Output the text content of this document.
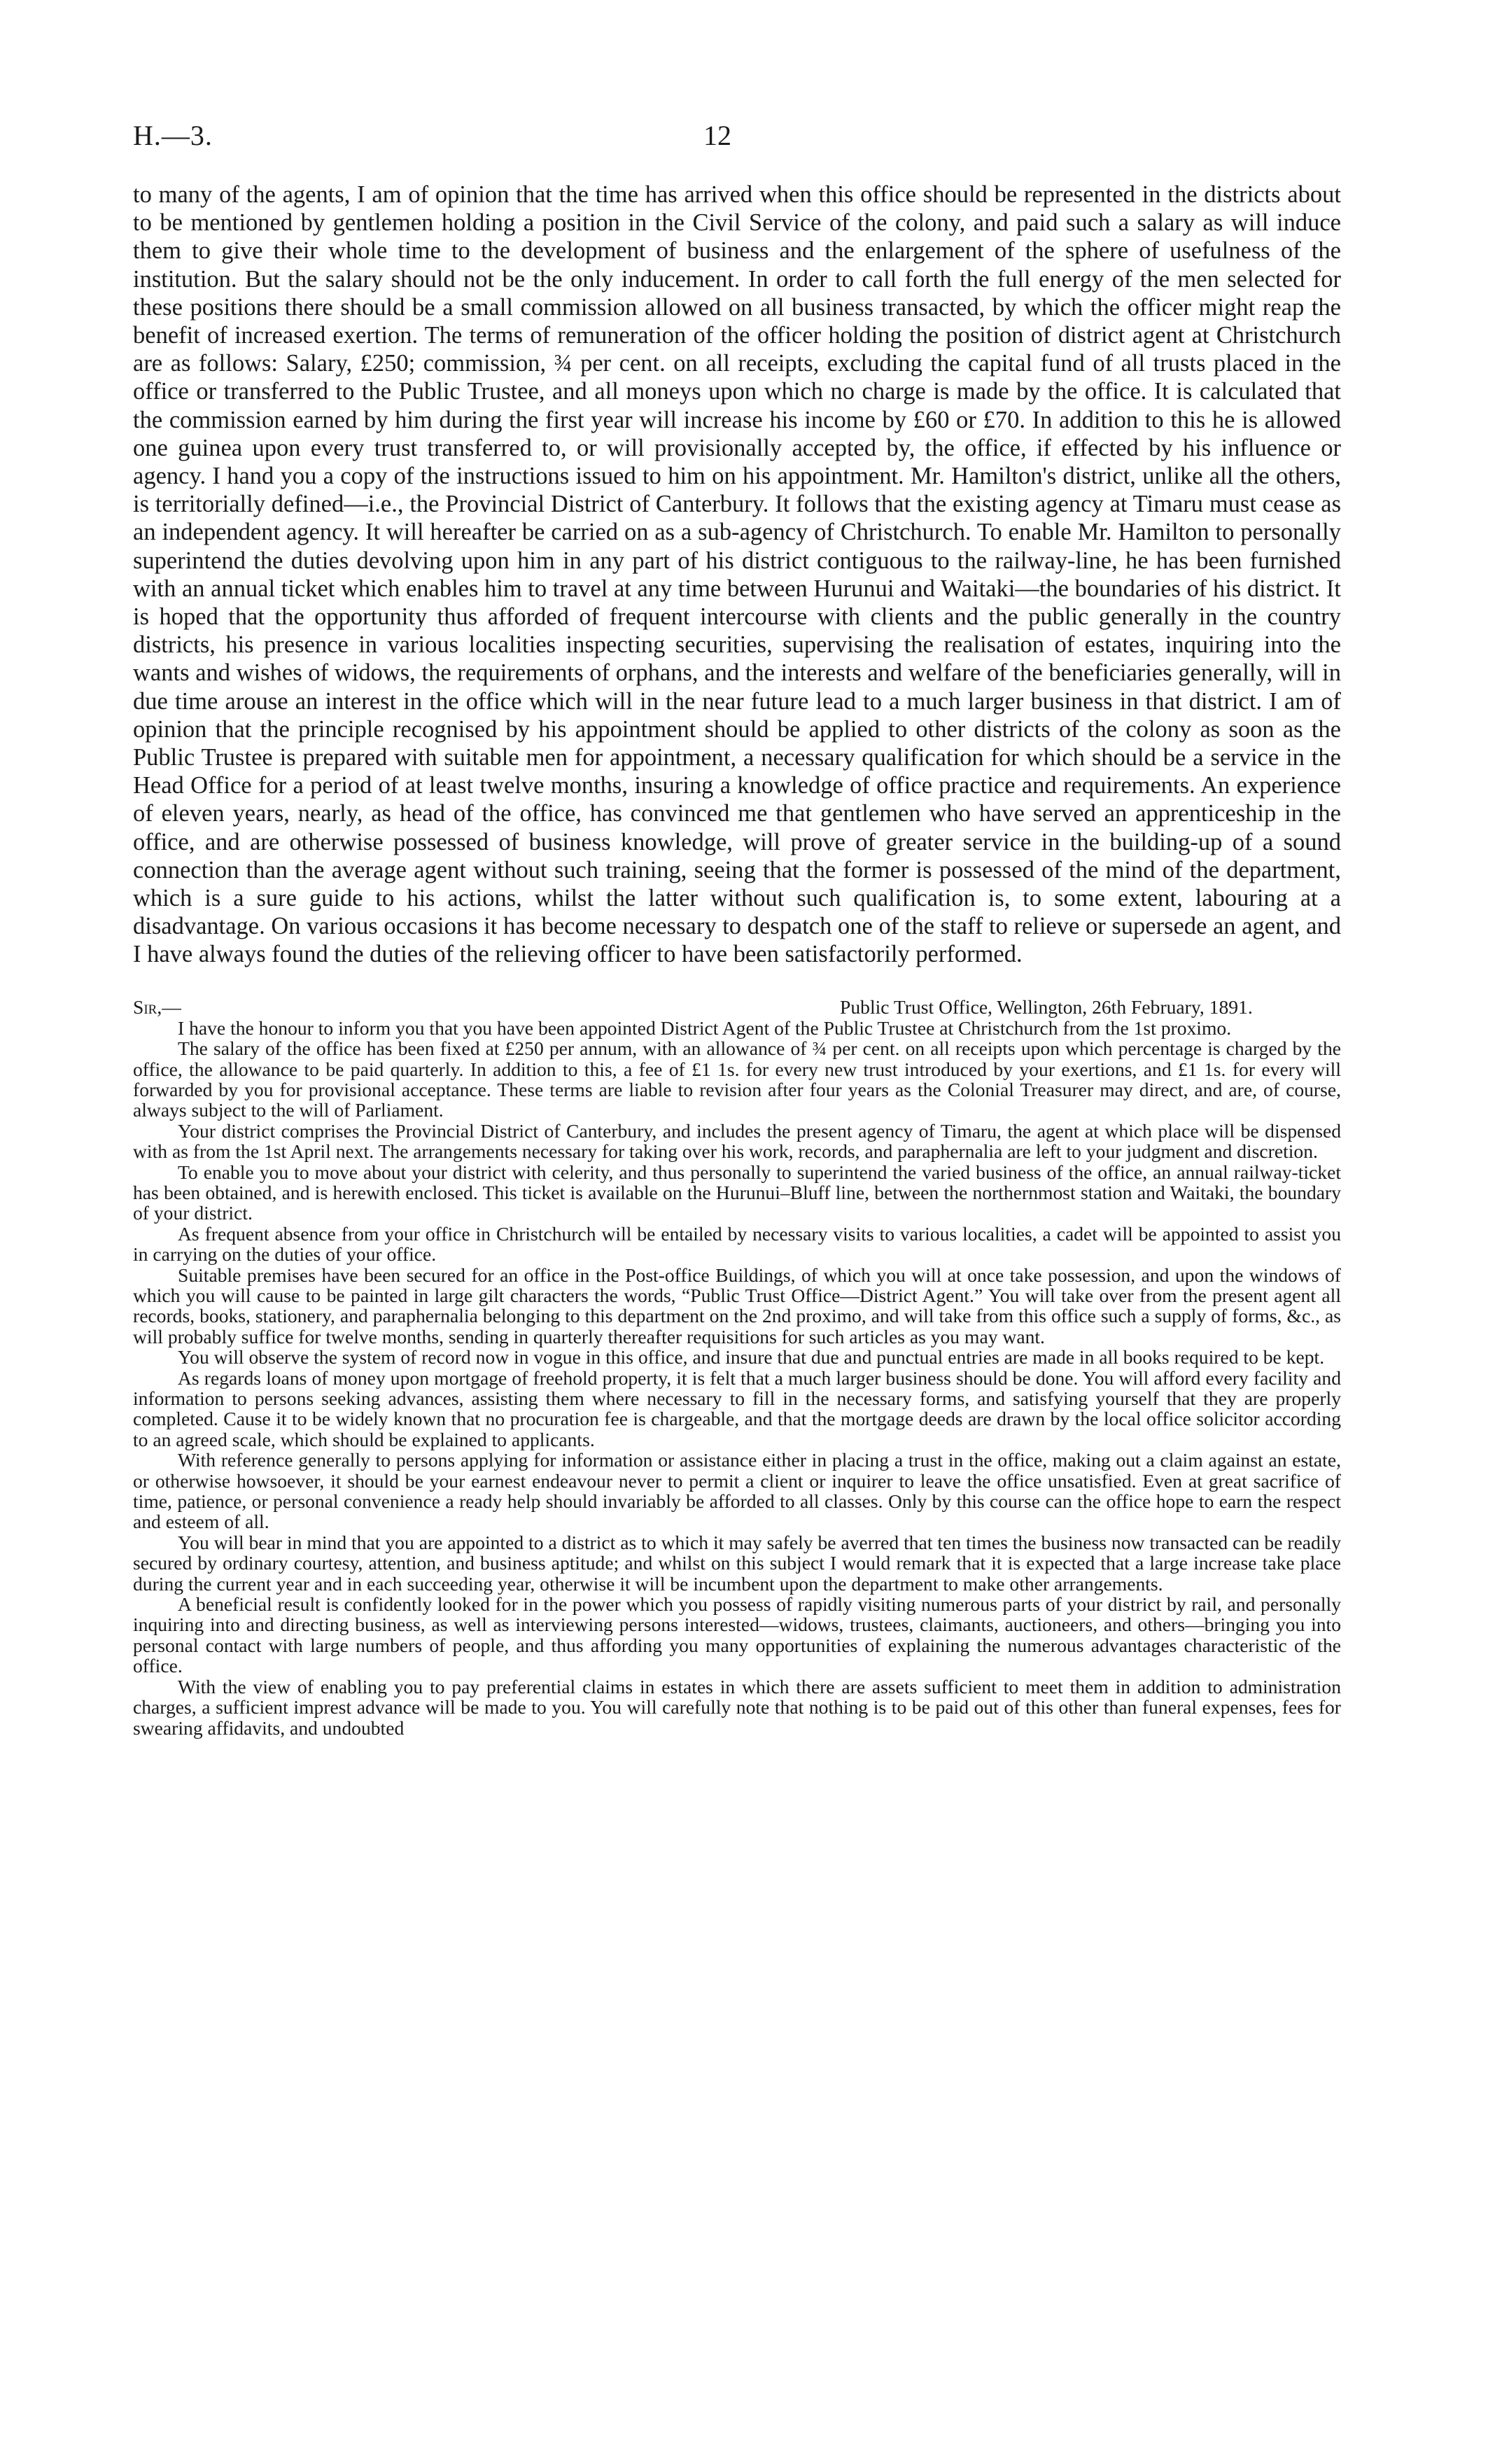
H.—3.	12

to many of the agents, I am of opinion that the time has arrived when this office should be represented in the districts about to be mentioned by gentlemen holding a position in the Civil Service of the colony, and paid such a salary as will induce them to give their whole time to the development of business and the enlargement of the sphere of usefulness of the institution. But the salary should not be the only inducement. In order to call forth the full energy of the men selected for these positions there should be a small commission allowed on all business transacted, by which the officer might reap the benefit of increased exertion. The terms of remuneration of the officer holding the position of district agent at Christchurch are as follows: Salary, £250; commission, ¾ per cent. on all receipts, excluding the capital fund of all trusts placed in the office or transferred to the Public Trustee, and all moneys upon which no charge is made by the office. It is calculated that the commission earned by him during the first year will increase his income by £60 or £70. In addition to this he is allowed one guinea upon every trust transferred to, or will provisionally accepted by, the office, if effected by his influence or agency. I hand you a copy of the instructions issued to him on his appointment. Mr. Hamilton's district, unlike all the others, is territorially defined—i.e., the Provincial District of Canterbury. It follows that the existing agency at Timaru must cease as an independent agency. It will hereafter be carried on as a sub-agency of Christchurch. To enable Mr. Hamilton to personally superintend the duties devolving upon him in any part of his district contiguous to the railway-line, he has been furnished with an annual ticket which enables him to travel at any time between Hurunui and Waitaki—the boundaries of his district. It is hoped that the opportunity thus afforded of frequent intercourse with clients and the public generally in the country districts, his presence in various localities inspecting securities, supervising the realisation of estates, inquiring into the wants and wishes of widows, the requirements of orphans, and the interests and welfare of the beneficiaries generally, will in due time arouse an interest in the office which will in the near future lead to a much larger business in that district. I am of opinion that the principle recognised by his appointment should be applied to other districts of the colony as soon as the Public Trustee is prepared with suitable men for appointment, a necessary qualification for which should be a service in the Head Office for a period of at least twelve months, insuring a knowledge of office practice and requirements. An experience of eleven years, nearly, as head of the office, has convinced me that gentlemen who have served an apprenticeship in the office, and are otherwise possessed of business knowledge, will prove of greater service in the building-up of a sound connection than the average agent without such training, seeing that the former is possessed of the mind of the department, which is a sure guide to his actions, whilst the latter without such qualification is, to some extent, labouring at a disadvantage. On various occasions it has become necessary to despatch one of the staff to relieve or supersede an agent, and I have always found the duties of the relieving officer to have been satisfactorily performed.

Sir,—	Public Trust Office, Wellington, 26th February, 1891.

I have the honour to inform you that you have been appointed District Agent of the Public Trustee at Christchurch from the 1st proximo.

The salary of the office has been fixed at £250 per annum, with an allowance of ¾ per cent. on all receipts upon which percentage is charged by the office, the allowance to be paid quarterly. In addition to this, a fee of £1 1s. for every new trust introduced by your exertions, and £1 1s. for every will forwarded by you for provisional acceptance. These terms are liable to revision after four years as the Colonial Treasurer may direct, and are, of course, always subject to the will of Parliament.

Your district comprises the Provincial District of Canterbury, and includes the present agency of Timaru, the agent at which place will be dispensed with as from the 1st April next. The arrangements necessary for taking over his work, records, and paraphernalia are left to your judgment and discretion.

To enable you to move about your district with celerity, and thus personally to superintend the varied business of the office, an annual railway-ticket has been obtained, and is herewith enclosed. This ticket is available on the Hurunui–Bluff line, between the northernmost station and Waitaki, the boundary of your district.

As frequent absence from your office in Christchurch will be entailed by necessary visits to various localities, a cadet will be appointed to assist you in carrying on the duties of your office.

Suitable premises have been secured for an office in the Post-office Buildings, of which you will at once take possession, and upon the windows of which you will cause to be painted in large gilt characters the words, “Public Trust Office—District Agent.” You will take over from the present agent all records, books, stationery, and paraphernalia belonging to this department on the 2nd proximo, and will take from this office such a supply of forms, &c., as will probably suffice for twelve months, sending in quarterly thereafter requisitions for such articles as you may want.

You will observe the system of record now in vogue in this office, and insure that due and punctual entries are made in all books required to be kept.

As regards loans of money upon mortgage of freehold property, it is felt that a much larger business should be done. You will afford every facility and information to persons seeking advances, assisting them where necessary to fill in the necessary forms, and satisfying yourself that they are properly completed. Cause it to be widely known that no procuration fee is chargeable, and that the mortgage deeds are drawn by the local office solicitor according to an agreed scale, which should be explained to applicants.

With reference generally to persons applying for information or assistance either in placing a trust in the office, making out a claim against an estate, or otherwise howsoever, it should be your earnest endeavour never to permit a client or inquirer to leave the office unsatisfied. Even at great sacrifice of time, patience, or personal convenience a ready help should invariably be afforded to all classes. Only by this course can the office hope to earn the respect and esteem of all.

You will bear in mind that you are appointed to a district as to which it may safely be averred that ten times the business now transacted can be readily secured by ordinary courtesy, attention, and business aptitude; and whilst on this subject I would remark that it is expected that a large increase take place during the current year and in each succeeding year, otherwise it will be incumbent upon the department to make other arrangements.

A beneficial result is confidently looked for in the power which you possess of rapidly visiting numerous parts of your district by rail, and personally inquiring into and directing business, as well as interviewing persons interested—widows, trustees, claimants, auctioneers, and others—bringing you into personal contact with large numbers of people, and thus affording you many opportunities of explaining the numerous advantages characteristic of the office.

With the view of enabling you to pay preferential claims in estates in which there are assets sufficient to meet them in addition to administration charges, a sufficient imprest advance will be made to you. You will carefully note that nothing is to be paid out of this other than funeral expenses, fees for swearing affidavits, and undoubted
